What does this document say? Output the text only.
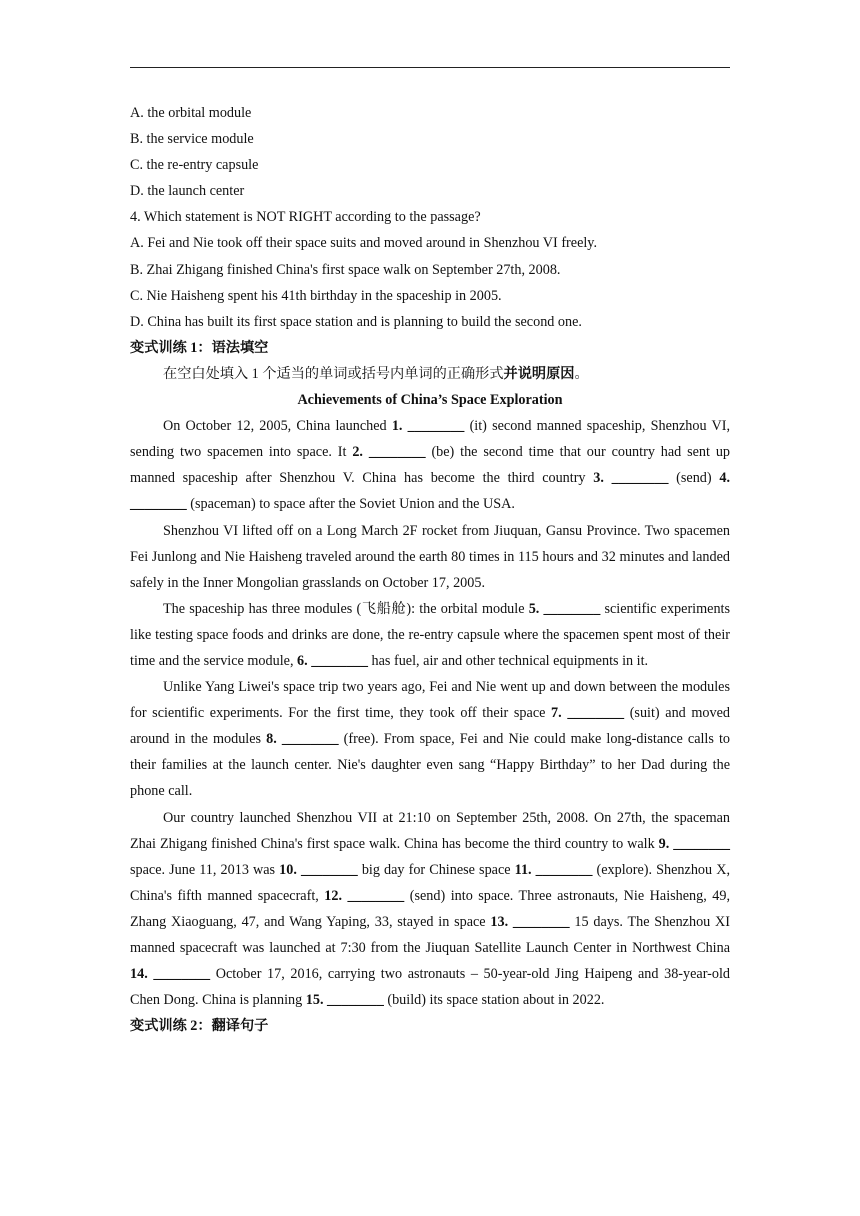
A. the orbital module

B. the service module

C. the re-entry capsule

D. the launch center

4. Which statement is NOT RIGHT according to the passage?

A. Fei and Nie took off their space suits and moved around in Shenzhou VI freely.

B. Zhai Zhigang finished China's first space walk on September 27th, 2008.

C. Nie Haisheng spent his 41th birthday in the spaceship in 2005.

D. China has built its first space station and is planning to build the second one.

变式训练 1：语法填空

在空白处填入 1 个适当的单词或括号内单词的正确形式并说明原因。

Achievements of China’s Space Exploration

On October 12, 2005, China launched 1. ________ (it) second manned spaceship, Shenzhou VI, sending two spacemen into space. It 2. ________ (be) the second time that our country had sent up manned spaceship after Shenzhou V. China has become the third country 3. ________ (send) 4. ________ (spaceman) to space after the Soviet Union and the USA.

Shenzhou VI lifted off on a Long March 2F rocket from Jiuquan, Gansu Province. Two spacemen Fei Junlong and Nie Haisheng traveled around the earth 80 times in 115 hours and 32 minutes and landed safely in the Inner Mongolian grasslands on October 17, 2005.

The spaceship has three modules (飞船舱): the orbital module 5. ________ scientific experiments like testing space foods and drinks are done, the re-entry capsule where the spacemen spent most of their time and the service module, 6. ________ has fuel, air and other technical equipments in it.

Unlike Yang Liwei's space trip two years ago, Fei and Nie went up and down between the modules for scientific experiments. For the first time, they took off their space 7. ________ (suit) and moved around in the modules 8. ________ (free). From space, Fei and Nie could make long-distance calls to their families at the launch center. Nie's daughter even sang “Happy Birthday” to her Dad during the phone call.

Our country launched Shenzhou VII at 21:10 on September 25th, 2008. On 27th, the spaceman Zhai Zhigang finished China's first space walk. China has become the third country to walk 9. ________ space. June 11, 2013 was 10. ________ big day for Chinese space 11. ________ (explore). Shenzhou X, China's fifth manned spacecraft, 12. ________ (send) into space. Three astronauts, Nie Haisheng, 49, Zhang Xiaoguang, 47, and Wang Yaping, 33, stayed in space 13. ________ 15 days. The Shenzhou XI manned spacecraft was launched at 7:30 from the Jiuquan Satellite Launch Center in Northwest China 14. ________ October 17, 2016, carrying two astronauts – 50-year-old Jing Haipeng and 38-year-old Chen Dong. China is planning 15. ________ (build) its space station about in 2022.

变式训练 2：翻译句子
